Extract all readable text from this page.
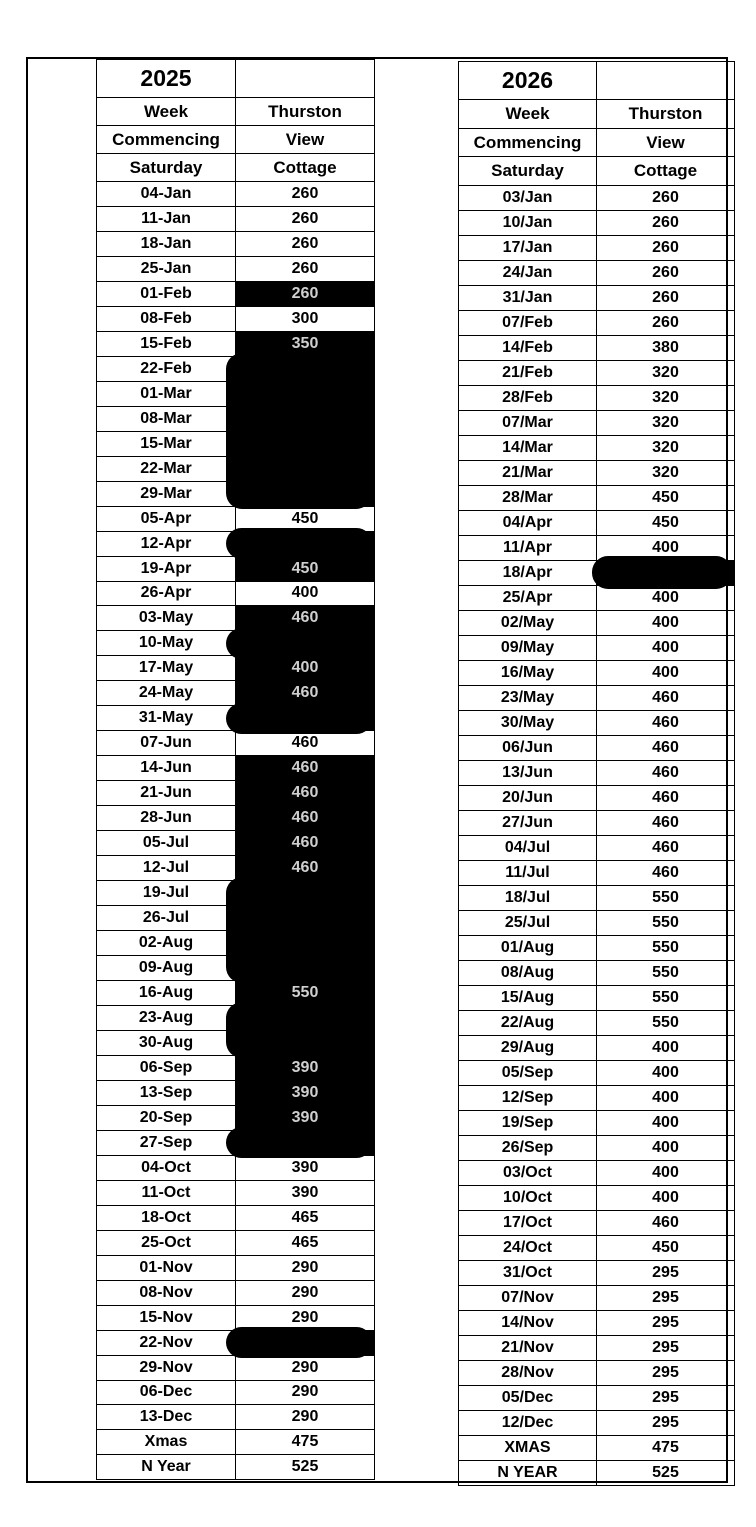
2025	
Week	Thurston
Commencing	View
Saturday	Cottage
04-Jan	260
11-Jan	260
18-Jan	260
25-Jan	260
01-Feb	260
08-Feb	300
15-Feb	350
22-Feb	
01-Mar	
08-Mar	
15-Mar	
22-Mar	
29-Mar	
05-Apr	450
12-Apr	
19-Apr	450
26-Apr	400
03-May	460
10-May	
17-May	400
24-May	460
31-May	
07-Jun	460
14-Jun	460
21-Jun	460
28-Jun	460
05-Jul	460
12-Jul	460
19-Jul	
26-Jul	
02-Aug	
09-Aug	
16-Aug	550
23-Aug	
30-Aug	
06-Sep	390
13-Sep	390
20-Sep	390
27-Sep	
04-Oct	390
11-Oct	390
18-Oct	465
25-Oct	465
01-Nov	290
08-Nov	290
15-Nov	290
22-Nov	
29-Nov	290
06-Dec	290
13-Dec	290
Xmas	475
N Year	525
2026	
Week	Thurston
Commencing	View
Saturday	Cottage
03/Jan	260
10/Jan	260
17/Jan	260
24/Jan	260
31/Jan	260
07/Feb	260
14/Feb	380
21/Feb	320
28/Feb	320
07/Mar	320
14/Mar	320
21/Mar	320
28/Mar	450
04/Apr	450
11/Apr	400
18/Apr	
25/Apr	400
02/May	400
09/May	400
16/May	400
23/May	460
30/May	460
06/Jun	460
13/Jun	460
20/Jun	460
27/Jun	460
04/Jul	460
11/Jul	460
18/Jul	550
25/Jul	550
01/Aug	550
08/Aug	550
15/Aug	550
22/Aug	550
29/Aug	400
05/Sep	400
12/Sep	400
19/Sep	400
26/Sep	400
03/Oct	400
10/Oct	400
17/Oct	460
24/Oct	450
31/Oct	295
07/Nov	295
14/Nov	295
21/Nov	295
28/Nov	295
05/Dec	295
12/Dec	295
XMAS	475
N YEAR	525
